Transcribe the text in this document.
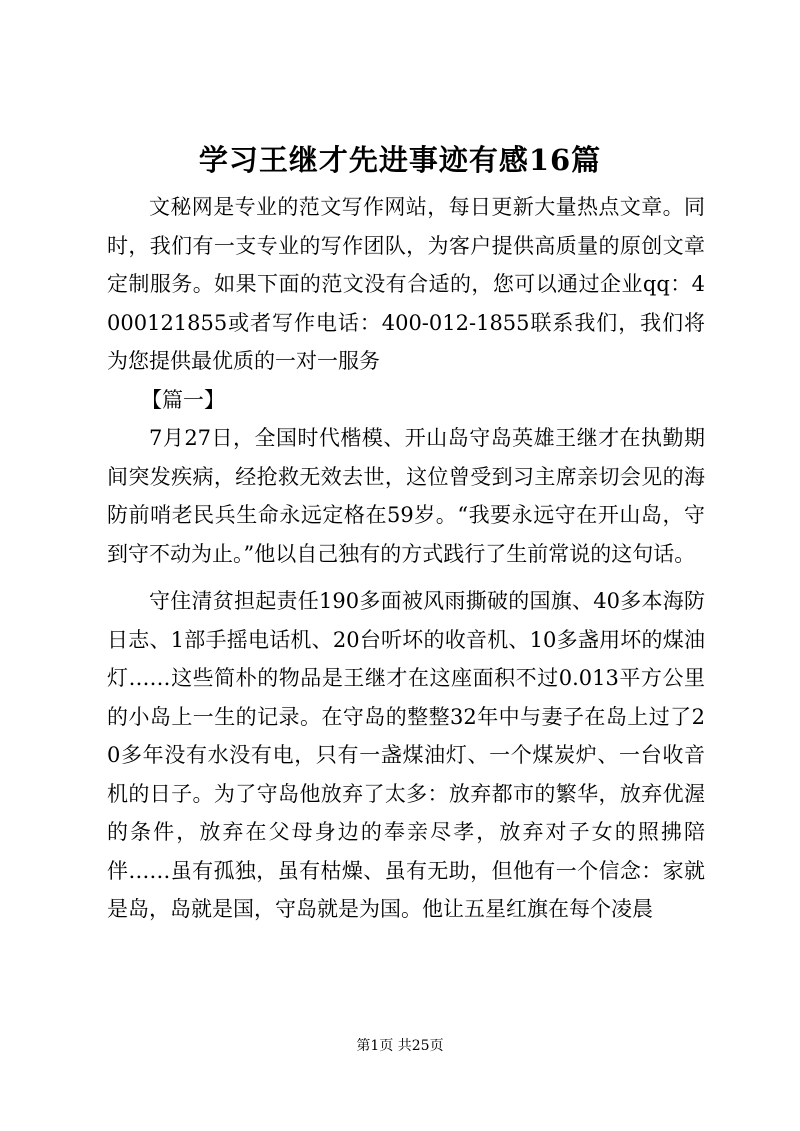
学习王继才先进事迹有感16篇

文秘网是专业的范文写作网站，每日更新大量热点文章。同时，我们有一支专业的写作团队，为客户提供高质量的原创文章定制服务。如果下面的范文没有合适的，您可以通过企业qq：4000121855或者写作电话：400-012-1855联系我们，我们将为您提供最优质的一对一服务

【篇一】

7月27日，全国时代楷模、开山岛守岛英雄王继才在执勤期间突发疾病，经抢救无效去世，这位曾受到习主席亲切会见的海防前哨老民兵生命永远定格在59岁。“我要永远守在开山岛，守到守不动为止。”他以自己独有的方式践行了生前常说的这句话。

守住清贫担起责任190多面被风雨撕破的国旗、40多本海防日志、1部手摇电话机、20台听坏的收音机、10多盏用坏的煤油灯……这些简朴的物品是王继才在这座面积不过0.013平方公里的小岛上一生的记录。在守岛的整整32年中与妻子在岛上过了20多年没有水没有电，只有一盏煤油灯、一个煤炭炉、一台收音机的日子。为了守岛他放弃了太多：放弃都市的繁华，放弃优渥的条件，放弃在父母身边的奉亲尽孝，放弃对子女的照拂陪伴……虽有孤独，虽有枯燥、虽有无助，但他有一个信念：家就是岛，岛就是国，守岛就是为国。他让五星红旗在每个凌晨

第1页 共25页
